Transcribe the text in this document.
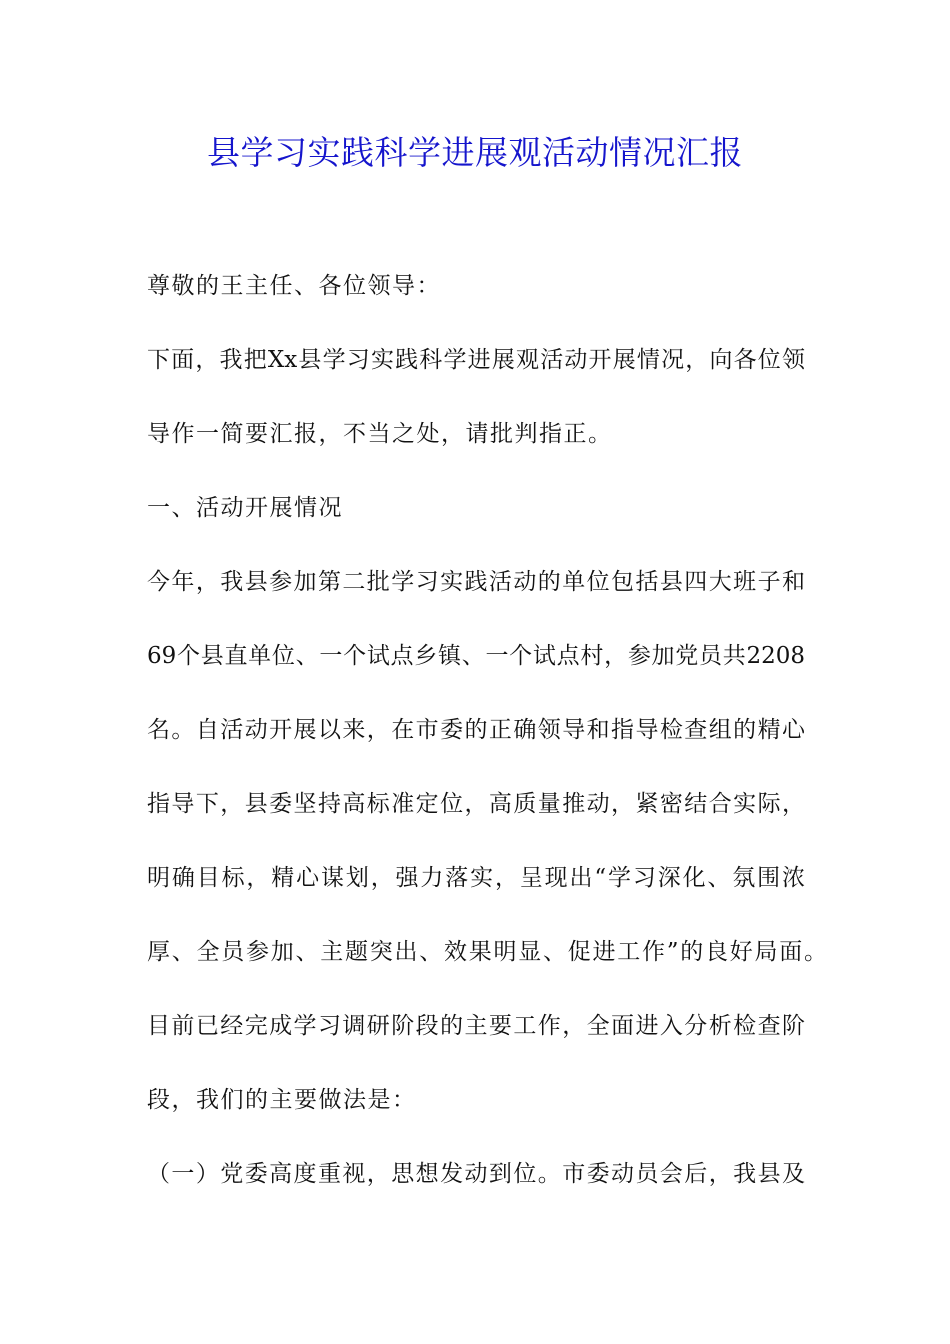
县学习实践科学进展观活动情况汇报
尊敬的王主任、各位领导：
下面，我把Xx县学习实践科学进展观活动开展情况，向各位领
导作一简要汇报，不当之处，请批判指正。
一、活动开展情况
今年，我县参加第二批学习实践活动的单位包括县四大班子和
69个县直单位、一个试点乡镇、一个试点村，参加党员共2208
名。自活动开展以来，在市委的正确领导和指导检查组的精心
指导下，县委坚持高标准定位，高质量推动，紧密结合实际，
明确目标，精心谋划，强力落实，呈现出“学习深化、氛围浓
厚、全员参加、主题突出、效果明显、促进工作”的良好局面。
目前已经完成学习调研阶段的主要工作，全面进入分析检查阶
段，我们的主要做法是：
（一）党委高度重视，思想发动到位。市委动员会后，我县及
